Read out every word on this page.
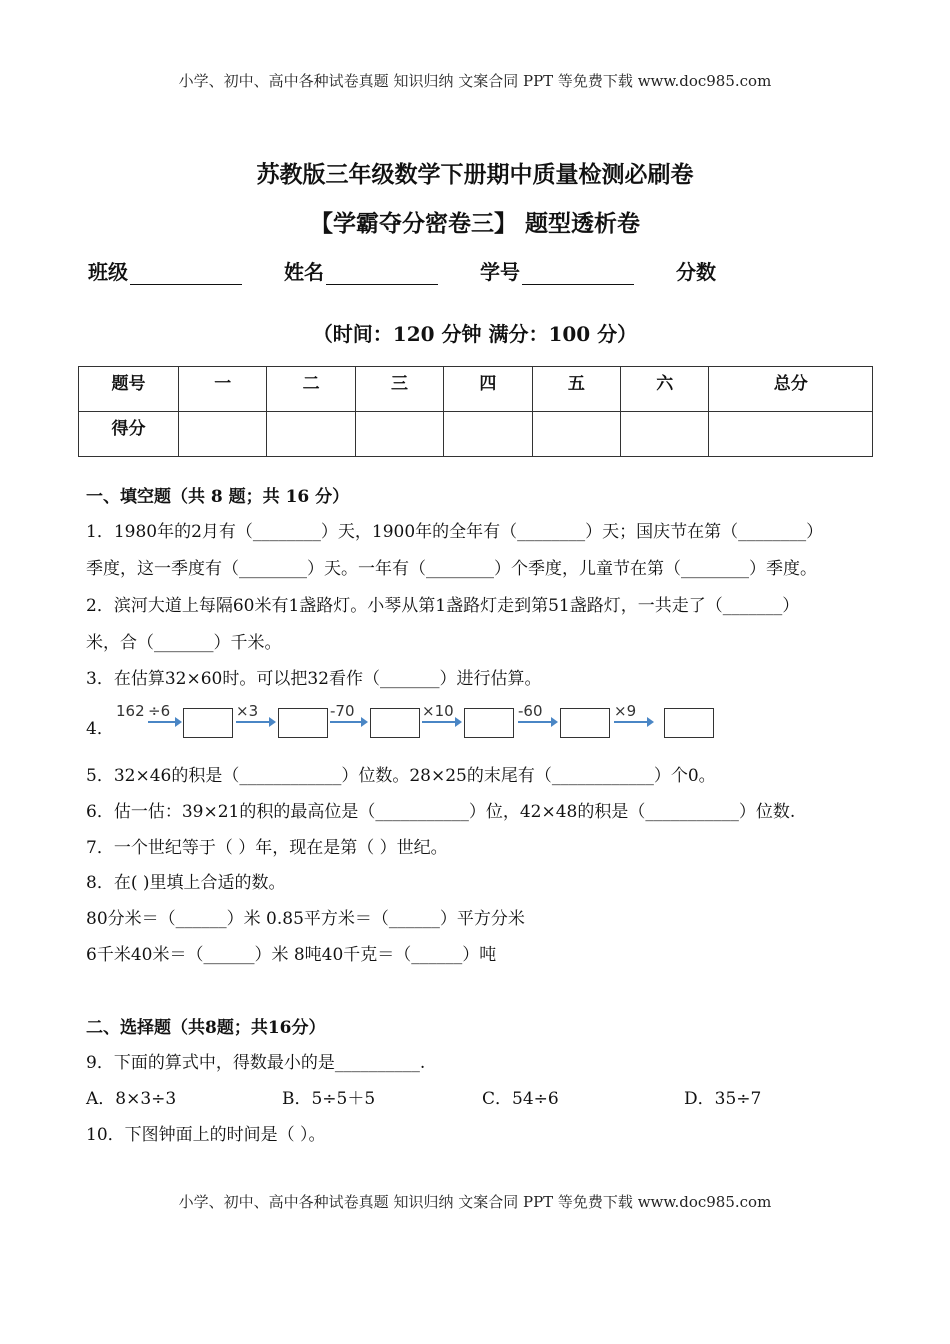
小学、初中、高中各种试卷真题 知识归纳 文案合同 PPT 等免费下载 www.doc985.com
苏教版三年级数学下册期中质量检测必刷卷
【学霸夺分密卷三】 题型透析卷
班级	姓名	学号	分数
（时间：120 分钟 满分：100 分）
题号	一	二	三	四	五	六	总分
得分							
一、填空题（共 8 题；共 16 分）
1．1980年的2月有（________）天，1900年的全年有（________）天；国庆节在第（________）
季度，这一季度有（________）天。一年有（________）个季度，儿童节在第（________）季度。
2．滨河大道上每隔60米有1盏路灯。小琴从第1盏路灯走到第51盏路灯，一共走了（_______）
米，合（_______）千米。
3．在估算32×60时。可以把32看作（_______）进行估算。
4．
162 ÷6	×3	-70	×10	-60	×9
5．32×46的积是（____________）位数。28×25的末尾有（____________）个0。
6．估一估：39×21的积的最高位是（___________）位，42×48的积是（___________）位数.
7．一个世纪等于（ ）年，现在是第（ ）世纪。
8．在( )里填上合适的数。
80分米＝（______）米 0.85平方米＝（______）平方分米
6千米40米＝（______）米 8吨40千克＝（______）吨
二、选择题（共8题；共16分）
9．下面的算式中，得数最小的是__________.
A．8×3÷3	B．5÷5＋5	C．54÷6	D．35÷7
10．下图钟面上的时间是（ ）。
小学、初中、高中各种试卷真题 知识归纳 文案合同 PPT 等免费下载 www.doc985.com
